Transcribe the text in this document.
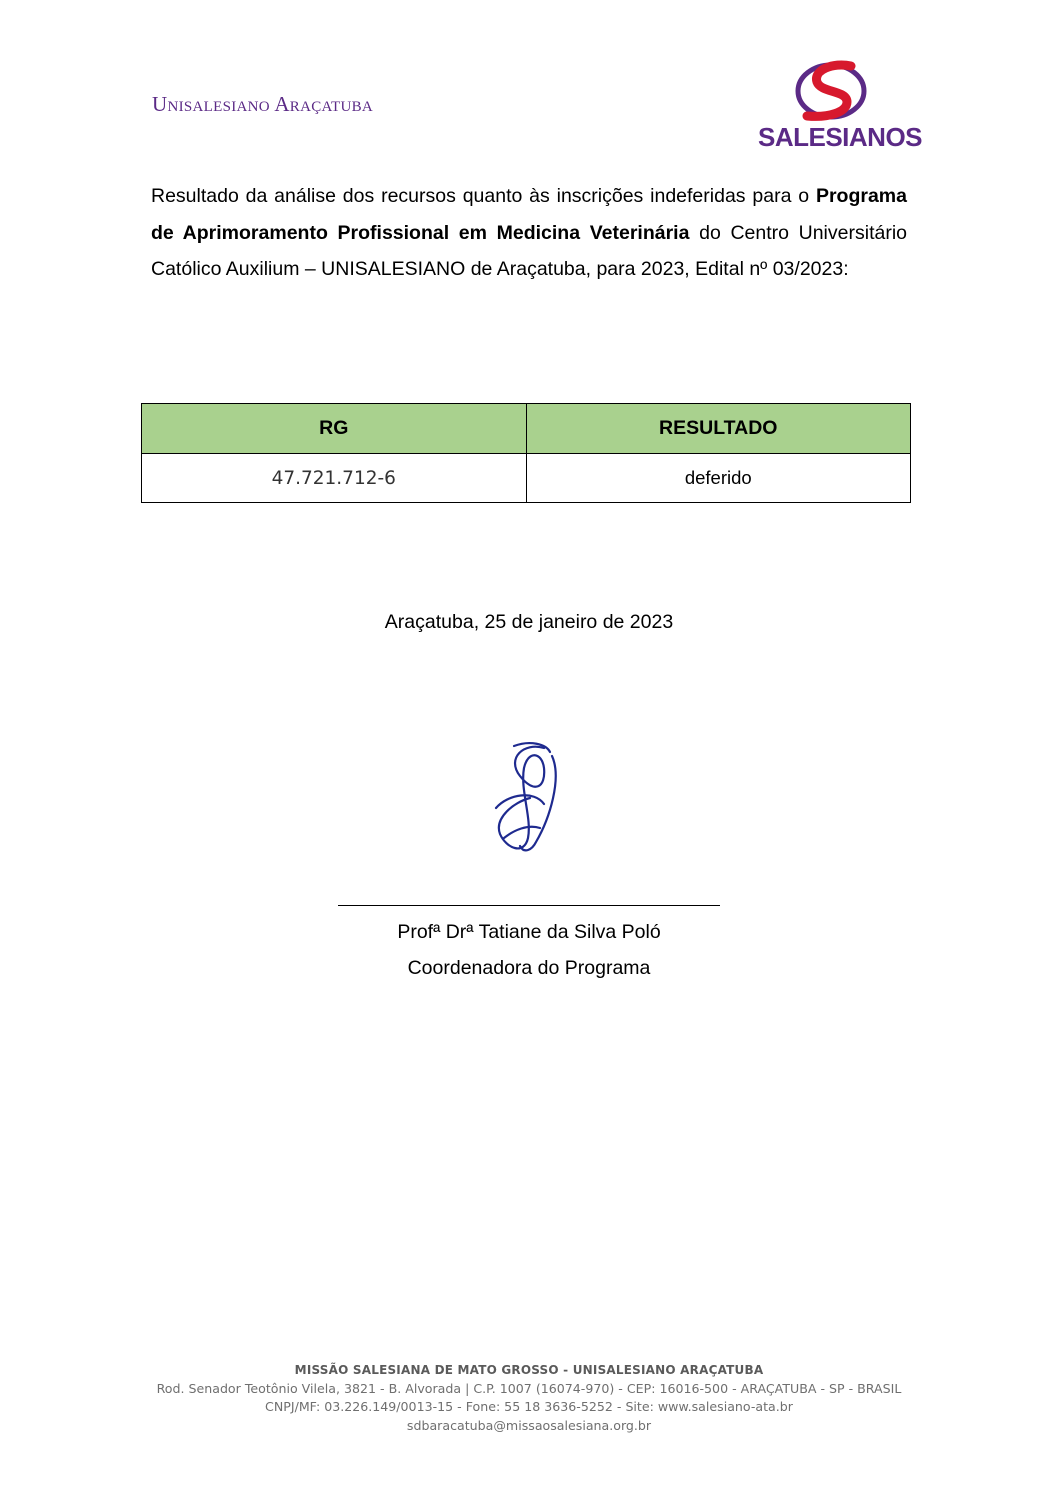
Unisalesiano Araçatuba
SALESIANOS
Resultado da análise dos recursos quanto às inscrições indeferidas para o Programa de Aprimoramento Profissional em Medicina Veterinária do Centro Universitário Católico Auxilium – UNISALESIANO de Araçatuba, para 2023, Edital nº 03/2023:
RG	RESULTADO
47.721.712-6	deferido
Araçatuba, 25 de janeiro de 2023
Profª Drª Tatiane da Silva Poló
Coordenadora do Programa
MISSÃO SALESIANA DE MATO GROSSO - UNISALESIANO ARAÇATUBA
Rod. Senador Teotônio Vilela, 3821 - B. Alvorada | C.P. 1007 (16074-970) - CEP: 16016-500 - ARAÇATUBA - SP - BRASIL
CNPJ/MF: 03.226.149/0013-15 - Fone: 55 18 3636-5252 - Site: www.salesiano-ata.br
sdbaracatuba@missaosalesiana.org.br
